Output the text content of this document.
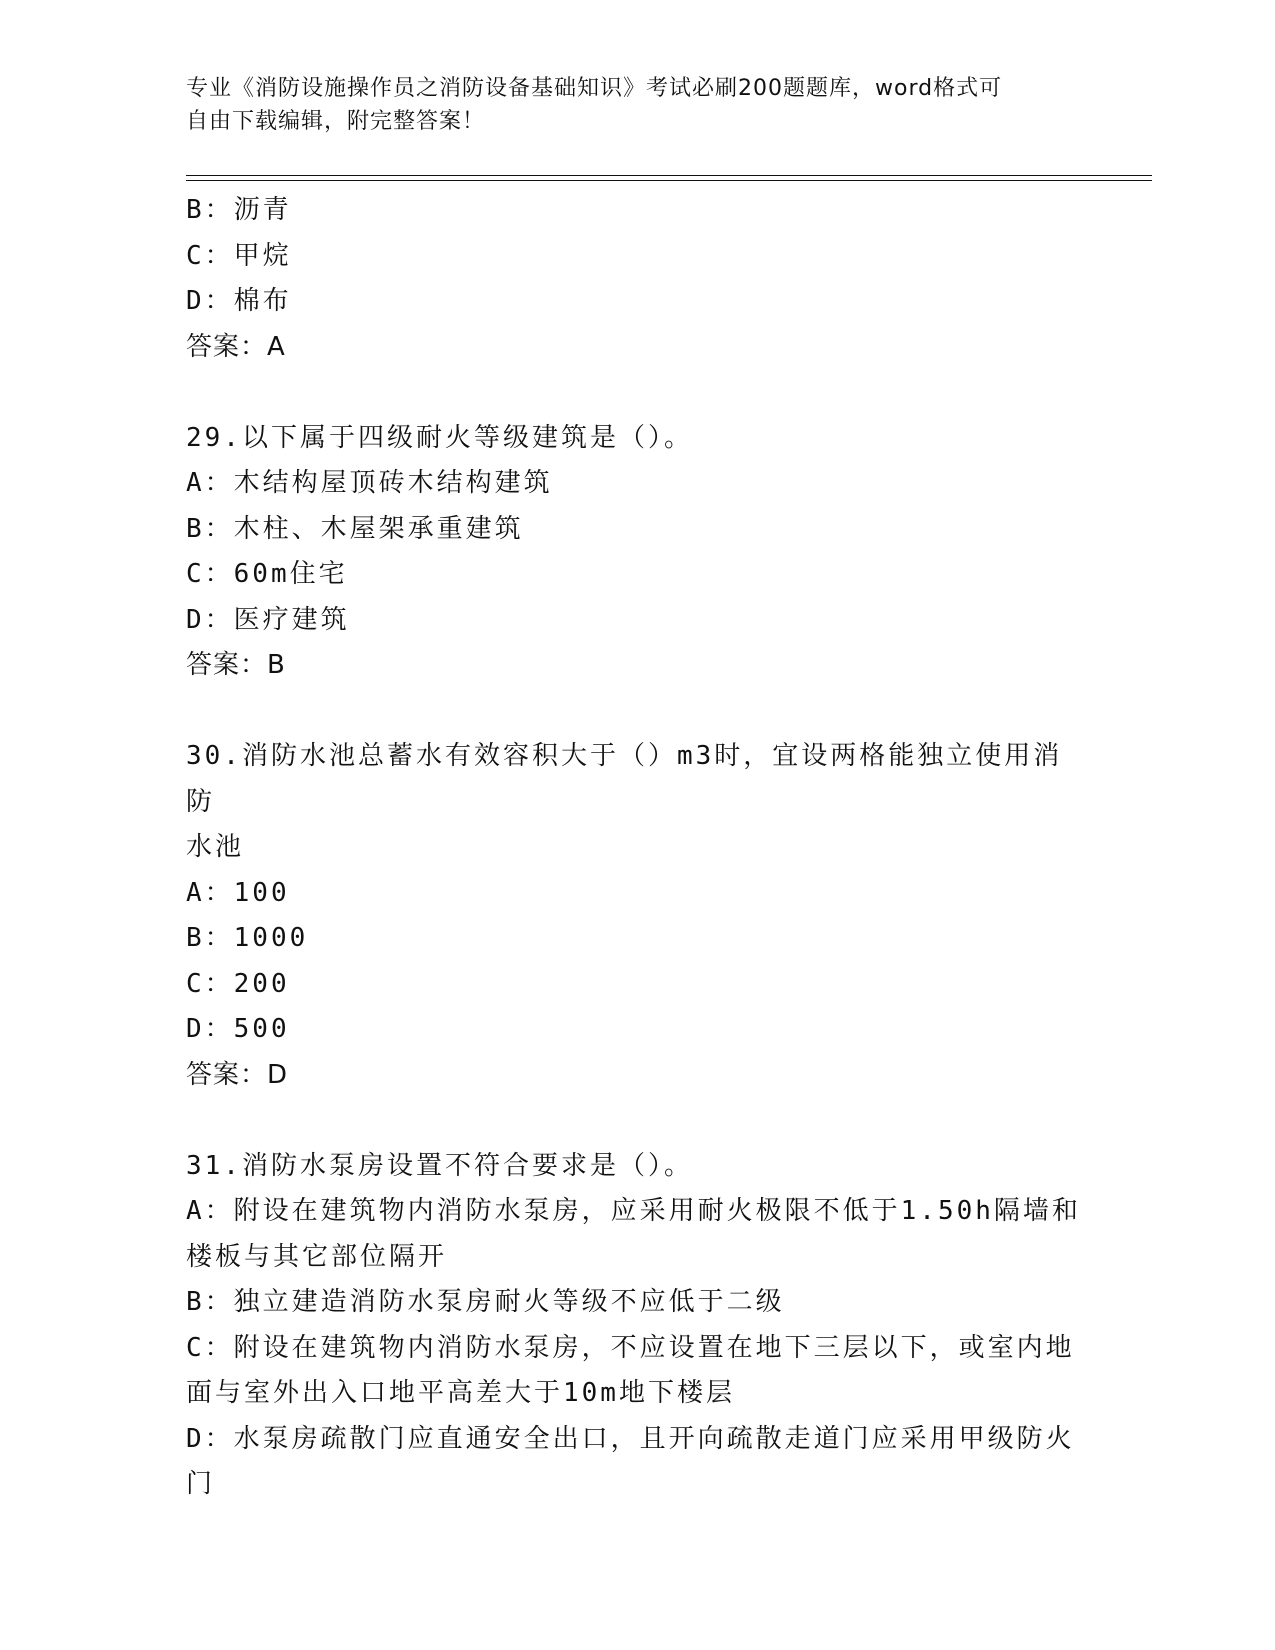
专业《消防设施操作员之消防设备基础知识》考试必刷200题题库，word格式可
自由下载编辑，附完整答案！

B：沥青

C：甲烷

D：棉布

答案：A

29.以下属于四级耐火等级建筑是（）。

A：木结构屋顶砖木结构建筑

B：木柱、木屋架承重建筑

C：60m住宅

D：医疗建筑

答案：B

30.消防水池总蓄水有效容积大于（）m3时，宜设两格能独立使用消防

水池

A：100

B：1000

C：200

D：500

答案：D

31.消防水泵房设置不符合要求是（）。

A：附设在建筑物内消防水泵房，应采用耐火极限不低于1.50h隔墙和

楼板与其它部位隔开

B：独立建造消防水泵房耐火等级不应低于二级

C：附设在建筑物内消防水泵房，不应设置在地下三层以下，或室内地

面与室外出入口地平高差大于10m地下楼层

D：水泵房疏散门应直通安全出口，且开向疏散走道门应采用甲级防火

门
